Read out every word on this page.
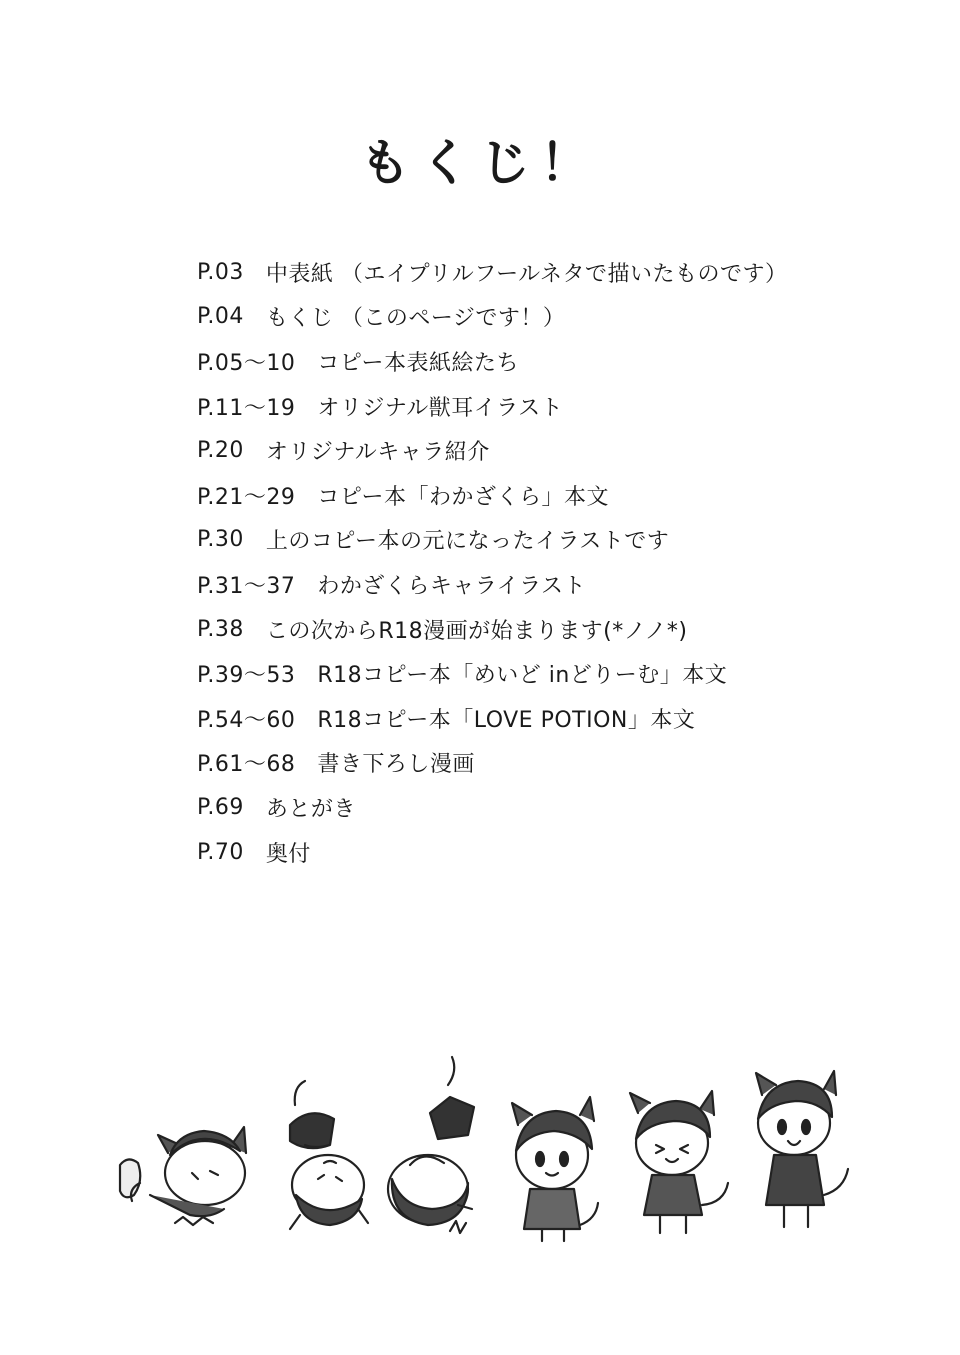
もくじ！
P.03 中表紙 （エイプリルフールネタで描いたものです）
P.04 もくじ （このページです！）
P.05～10 コピー本表紙絵たち
P.11～19 オリジナル獣耳イラスト
P.20 オリジナルキャラ紹介
P.21～29 コピー本「わかざくら」本文
P.30 上のコピー本の元になったイラストです
P.31～37 わかざくらキャライラスト
P.38 この次からR18漫画が始まります(*ノノ*)
P.39～53 R18コピー本「めいど inどりーむ」本文
P.54～60 R18コピー本「LOVE POTION」本文
P.61～68 書き下ろし漫画
P.69 あとがき
P.70 奥付
